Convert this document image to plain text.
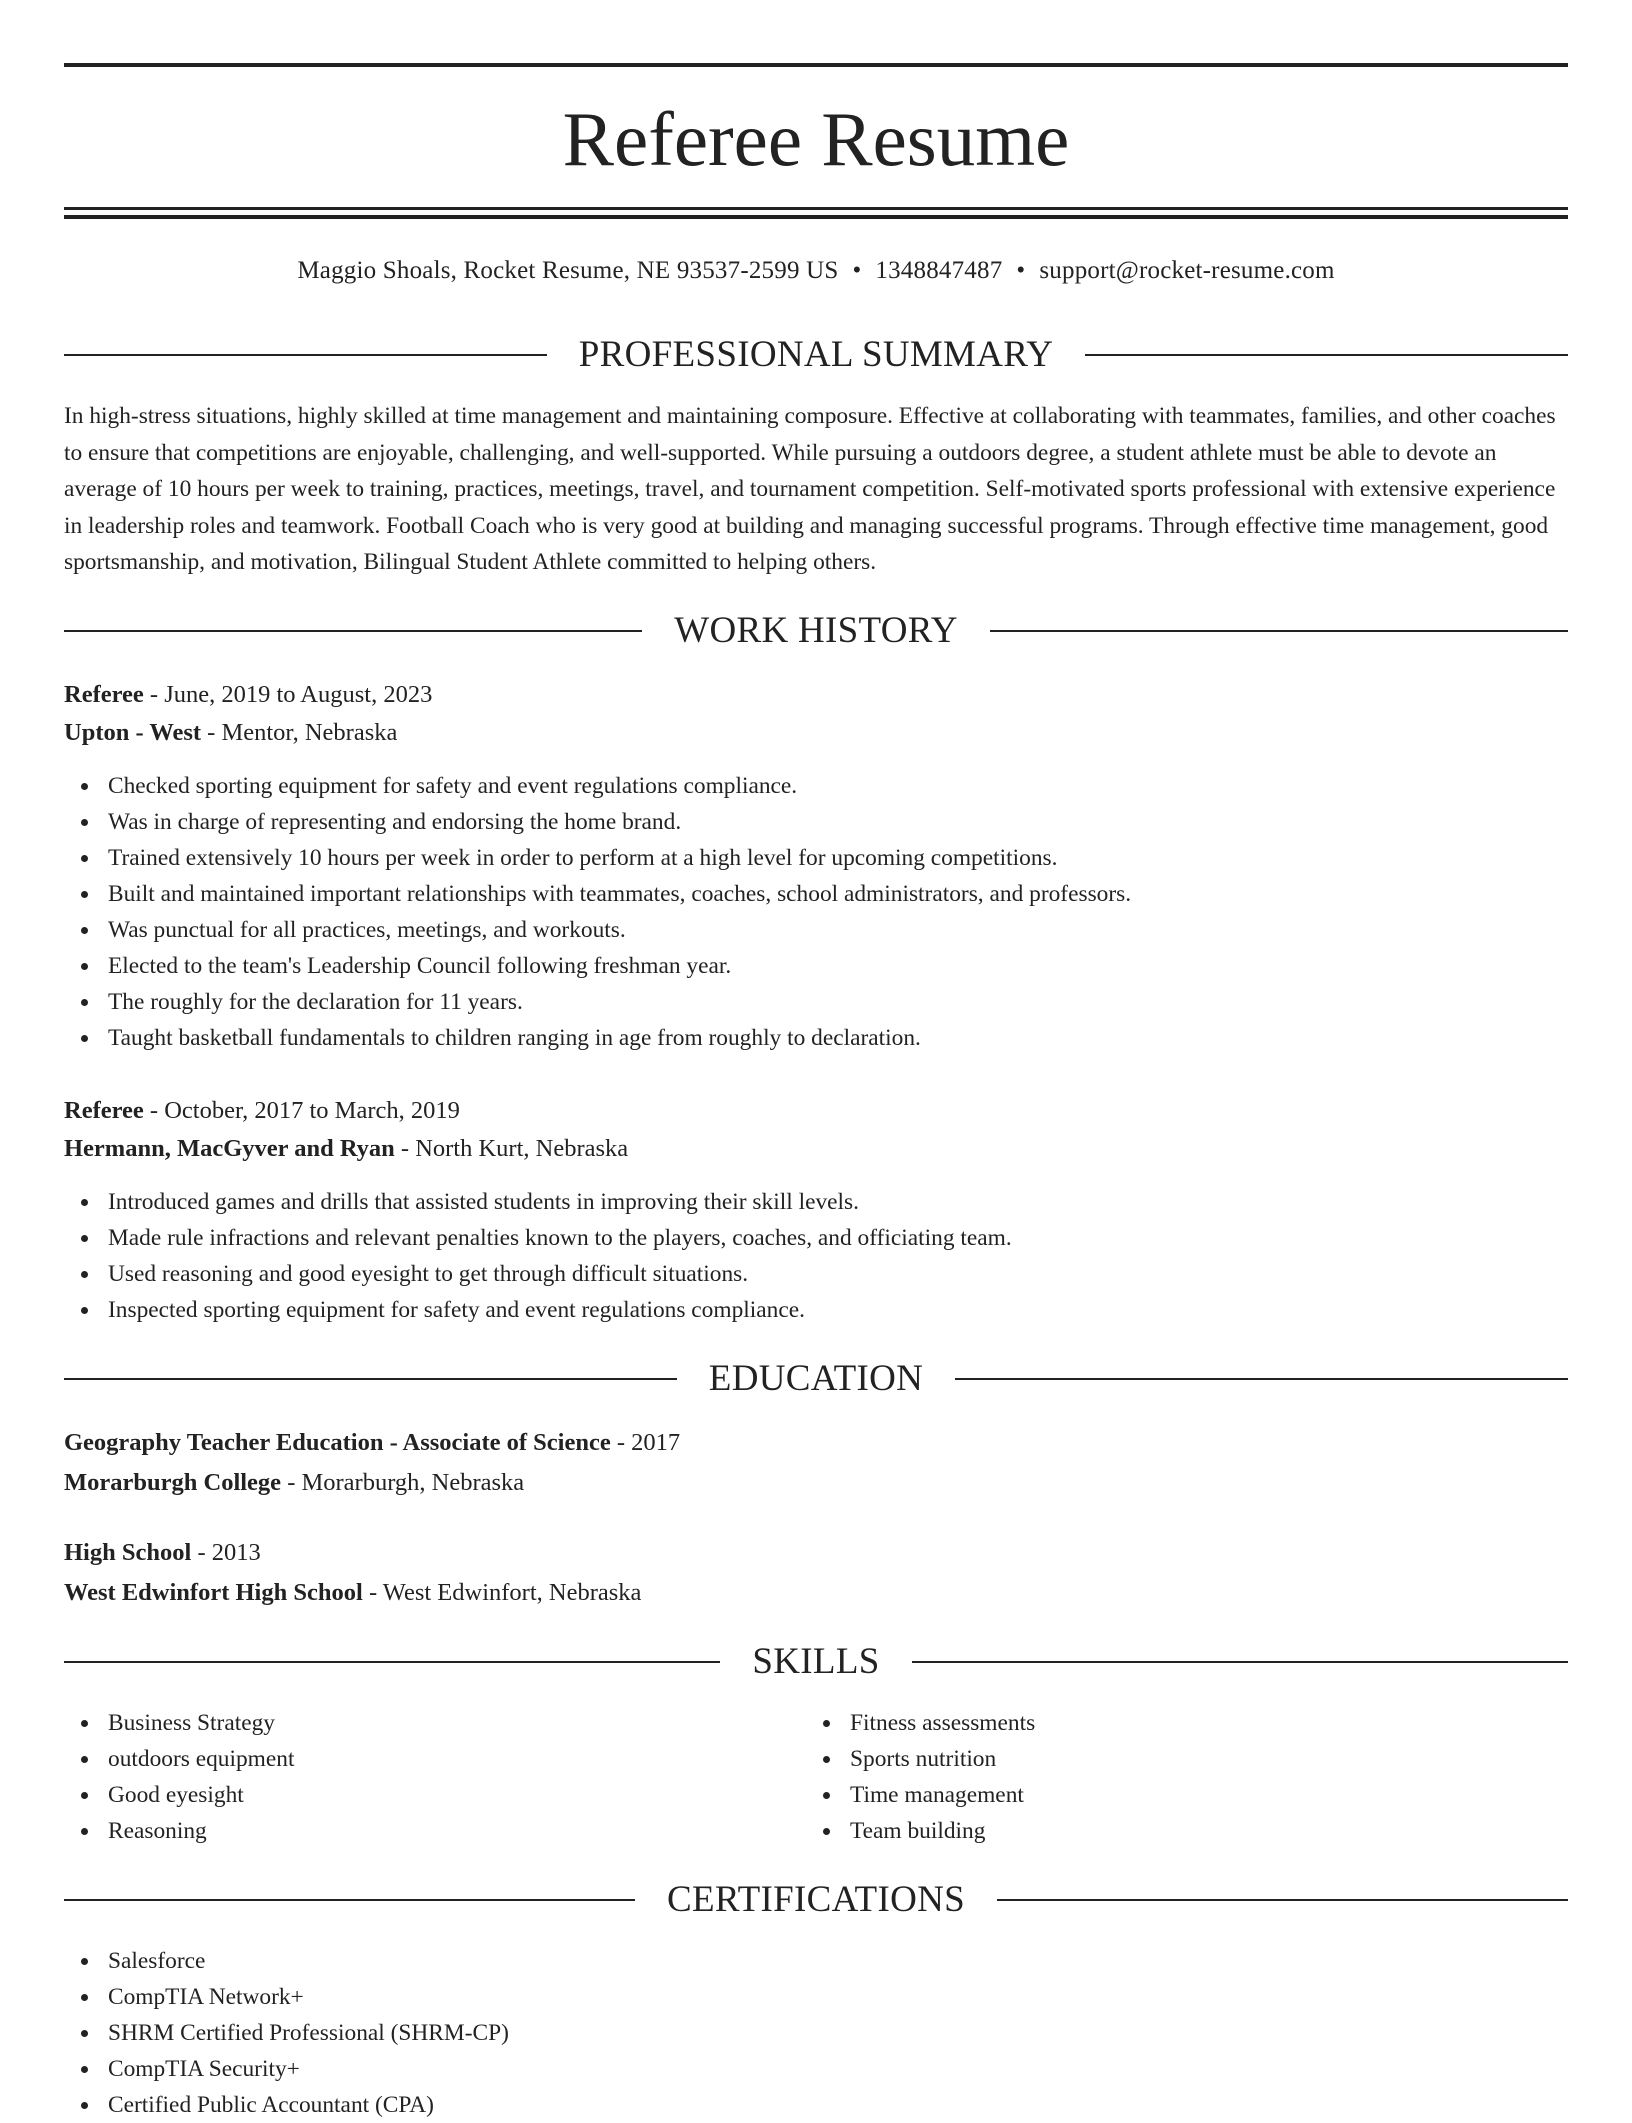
Referee Resume
Maggio Shoals, Rocket Resume, NE 93537-2599 US • 1348847487 • support@rocket-resume.com
PROFESSIONAL SUMMARY

In high-stress situations, highly skilled at time management and maintaining composure. Effective at collaborating with teammates, families, and other coaches to ensure that competitions are enjoyable, challenging, and well-supported. While pursuing a outdoors degree, a student athlete must be able to devote an average of 10 hours per week to training, practices, meetings, travel, and tournament competition. Self-motivated sports professional with extensive experience in leadership roles and teamwork. Football Coach who is very good at building and managing successful programs. Through effective time management, good sportsmanship, and motivation, Bilingual Student Athlete committed to helping others.

WORK HISTORY
Referee - June, 2019 to August, 2023
Upton - West - Mentor, Nebraska
Checked sporting equipment for safety and event regulations compliance.
Was in charge of representing and endorsing the home brand.
Trained extensively 10 hours per week in order to perform at a high level for upcoming competitions.
Built and maintained important relationships with teammates, coaches, school administrators, and professors.
Was punctual for all practices, meetings, and workouts.
Elected to the team's Leadership Council following freshman year.
The roughly for the declaration for 11 years.
Taught basketball fundamentals to children ranging in age from roughly to declaration.
Referee - October, 2017 to March, 2019
Hermann, MacGyver and Ryan - North Kurt, Nebraska
Introduced games and drills that assisted students in improving their skill levels.
Made rule infractions and relevant penalties known to the players, coaches, and officiating team.
Used reasoning and good eyesight to get through difficult situations.
Inspected sporting equipment for safety and event regulations compliance.
EDUCATION
Geography Teacher Education - Associate of Science - 2017
Morarburgh College - Morarburgh, Nebraska
High School - 2013
West Edwinfort High School - West Edwinfort, Nebraska
SKILLS
Business Strategy
outdoors equipment
Good eyesight
Reasoning
Fitness assessments
Sports nutrition
Time management
Team building
CERTIFICATIONS
Salesforce
CompTIA Network+
SHRM Certified Professional (SHRM-CP)
CompTIA Security+
Certified Public Accountant (CPA)
